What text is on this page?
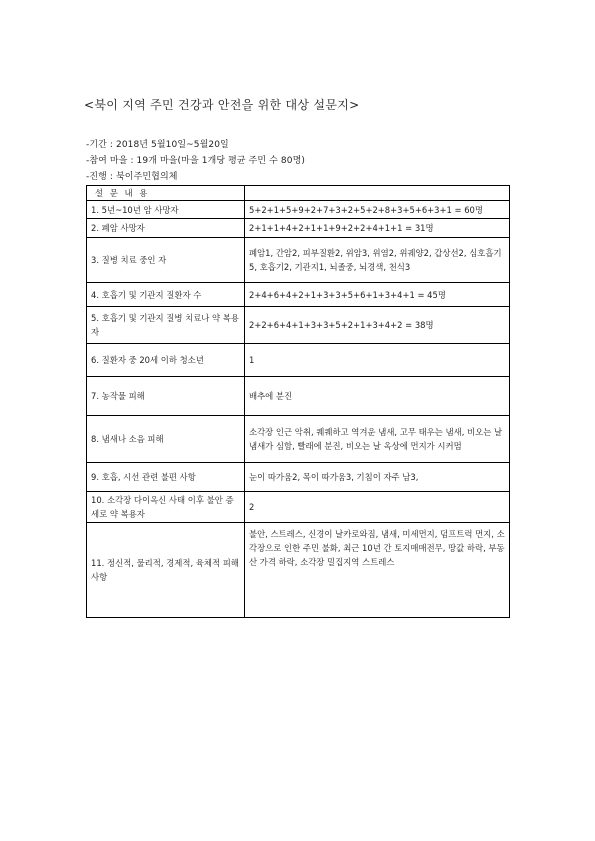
<북이 지역 주민 건강과 안전을 위한 대상 설문지>
-기간 : 2018년 5월10일~5월20일
-참여 마을 : 19개 마을(마을 1개당 평균 주민 수 80명)
-진행 : 북이주민협의체
설 문 내 용	
1. 5년~10년 암 사망자	5+2+1+5+9+2+7+3+2+5+2+8+3+5+6+3+1 = 60명
2. 폐암 사망자	2+1+1+4+2+1+1+9+2+2+4+1+1 = 31명
3. 질병 치료 중인 자	폐암1, 간암2, 피부질환2, 위암3, 위염2, 위궤양2, 갑상선2, 심호흡기5, 호흡기2, 기관지1, 뇌졸중, 뇌경색, 천식3
4. 호흡기 및 기관지 질환자 수	2+4+6+4+2+1+3+3+5+6+1+3+4+1 = 45명
5. 호흡기 및 기관지 질병 치료나 약 복용자	2+2+6+4+1+3+3+5+2+1+3+4+2 = 38명
6. 질환자 중 20세 이하 청소년	1
7. 농작물 피해	배추에 분진
8. 냄새나 소음 피해	소각장 인근 악취, 퀘퀘하고 역겨운 냄새, 고무 태우는 냄새, 비오는 날 냄새가 심함, 빨래에 분진, 비오는 날 옥상에 먼지가 시커멈
9. 호흡, 시선 관련 불편 사항	눈이 따가움2, 목이 따가움3, 기침이 자주 남3,
10. 소각장 다이옥신 사태 이후 불안 증세로 약 복용자	2
11. 정신적, 물리적, 경제적, 육체적 피해 사항	불안, 스트레스, 신경이 날카로와짐, 냄새, 미세먼지, 덤프트럭 먼지, 소각장으로 인한 주민 불화, 최근 10년 간 토지매매전무, 땅값 하락, 부동산 가격 하락, 소각장 밀집지역 스트레스
